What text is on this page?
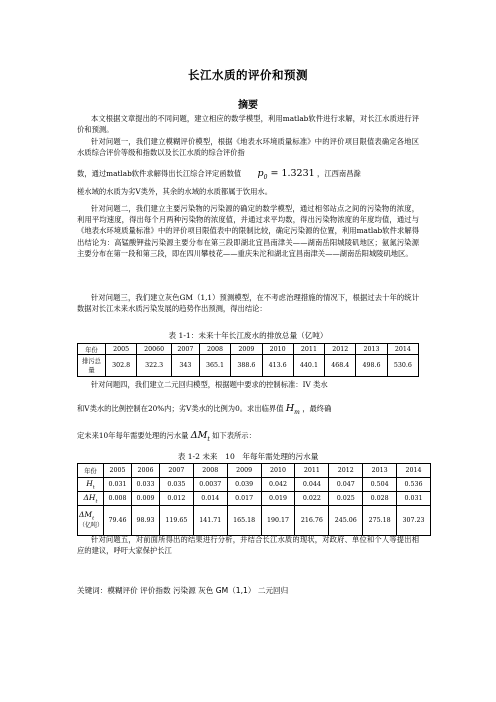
长江水质的评价和预测
摘要
本文根据文章提出的不同问题，建立相应的数学模型，利用matlab软件进行求解，对长江水质进行评价和预测。
针对问题一，我们建立模糊评价模型，根据《地表水环境质量标准》中的评价项目限值表确定各地区水质综合评价等级和指数以及长江水质的综合评价指
数，通过matlab软件求解得出长江综合评定函数值 $p_0 = 1.3231$ ，江西南昌滁
槎水域的水质为劣Ⅴ类外，其余的水域的水质都属于饮用水。
针对问题二，我们建立主要污染物的污染源的确定的数学模型，通过相邻站点之间的污染物的浓度，利用平均速度，得出每个月两种污染物的浓度值，并通过求平均数，得出污染物浓度的年度均值，通过与《地表水环境质量标准》中的评价项目限值表中的限制比较，确定污染源的位置，利用matlab软件求解得出结论为：高锰酸钾盐污染源主要分布在第三段即湖北宜昌南津关——湖南岳阳城陵矶地区；氨氮污染源主要分布在第一段和第三段，即在四川攀枝花——重庆朱沱和湖北宜昌南津关——湖南岳阳城陵矶地区。
针对问题三，我们建立灰色GM（1,1）预测模型，在不考虑治理措施的情况下，根据过去十年的统计数据对长江未来水质污染发展的趋势作出预测，得出结论：
表 1-1：未来十年长江废水的排放总量（亿吨）
年份	2005	20060	2007	2008	2009	2010	2011	2012	2013	2014
排污总量	302.8	322.3	343	365.1	388.6	413.6	440.1	468.4	498.6	530.6
针对问题四，我们建立二元回归模型，根据题中要求的控制标准：IV 类水
和V类水的比例控制在20%内；劣V类水的比例为0。求出临界值 $H_m$ ，最终确
定未来10年每年需要处理的污水量 $\Delta M_t$ 如下表所示：
表 1-2 未来　10　年每年需处理的污水量
年份	2005	2006	2007	2008	2009	2010	2011	2012	2013	2014
$H_t$	0.031	0.033	0.035	0.0037	0.039	0.042	0.044	0.047	0.504	0.536
$\Delta H_t$	0.008	0.009	0.012	0.014	0.017	0.019	0.022	0.025	0.028	0.031
$\Delta M_t$
（亿吨）	79.46	98.93	119.65	141.71	165.18	190.17	216.76	245.06	275.18	307.23
针对问题五，对前面所得出的结果进行分析，并结合长江水质的现状，对政府、单位和个人等提出相应的建议，呼吁大家保护长江
关键词：模糊评价 评价指数 污染源 灰色 GM（1,1） 二元回归
